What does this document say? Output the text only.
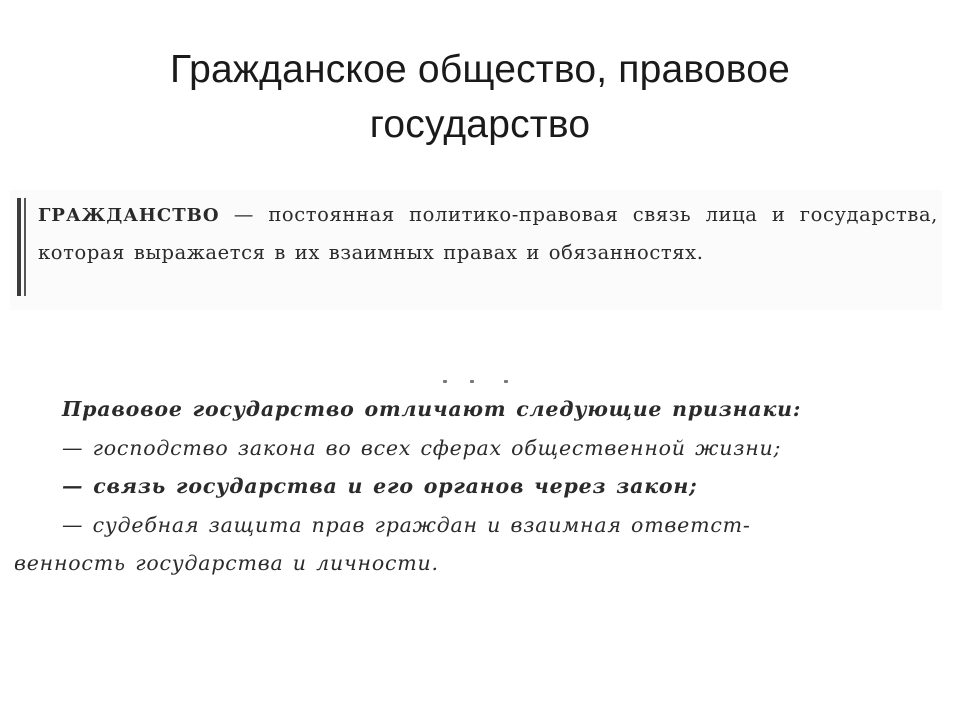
Гражданское общество, правовое
государство

ГРАЖДАНСТВО — постоянная политико-правовая связь лица и государства, которая выражается в их взаимных правах и обязанностях.

Правовое государство отличают следующие признаки:
— господство закона во всех сферах общественной жизни;
— связь государства и его органов через закон;
— судебная защита прав граждан и взаимная ответст-
венность государства и личности.
